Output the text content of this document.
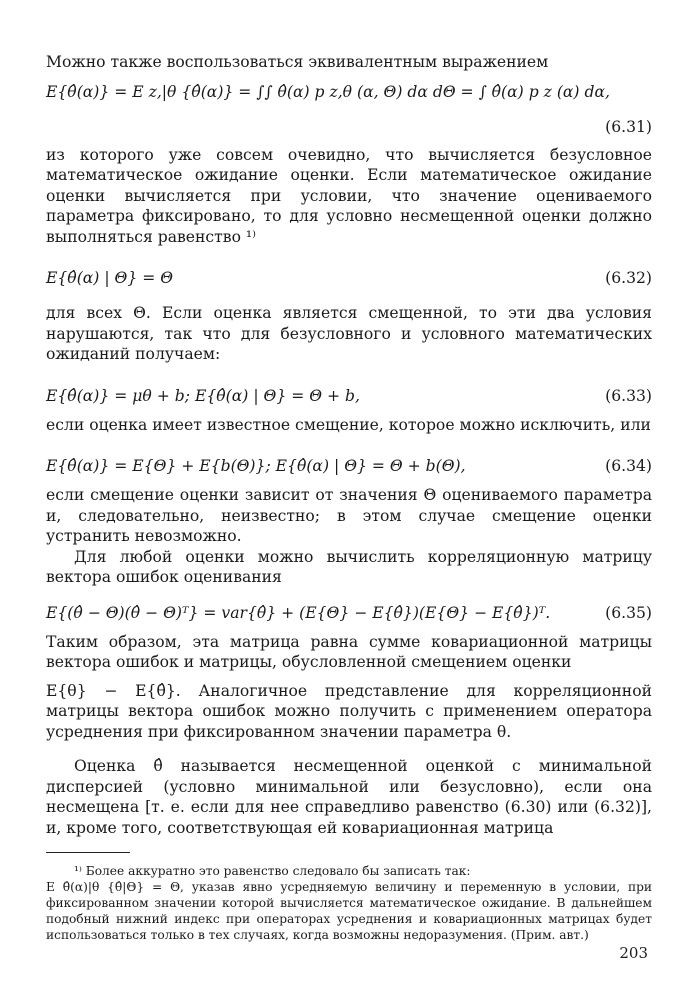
Можно также воспользоваться эквивалентным выражением

E{θ̂(α)} = E z,|θ {θ̂(α)} = ∫∫ θ̂(α) p z,θ (α, Θ) dα dΘ = ∫ θ̂(α) p z (α) dα,
(6.31)

из которого уже совсем очевидно, что вычисляется безусловное математическое ожидание оценки. Если математическое ожидание оценки вычисляется при условии, что значение оцениваемого параметра фиксировано, то для условно несмещенной оценки должно выполняться равенство ¹⁾

E{θ̂(α) | Θ} = Θ	(6.32)

для всех Θ. Если оценка является смещенной, то эти два условия нарушаются, так что для безусловного и условного математических ожиданий получаем:

E{θ̂(α)} = μθ + b; E{θ̂(α) | Θ} = Θ + b,	(6.33)

если оценка имеет известное смещение, которое можно исключить, или

E{θ̂(α)} = E{Θ} + E{b(Θ)}; E{θ̂(α) | Θ} = Θ + b(Θ),	(6.34)

если смещение оценки зависит от значения Θ оцениваемого параметра и, следовательно, неизвестно; в этом случае смещение оценки устранить невозможно.

Для любой оценки можно вычислить корреляционную матрицу вектора ошибок оценивания

E{(θ̂ − Θ)(θ̂ − Θ)ᵀ} = var{θ̂} + (E{Θ} − E{θ̂})(E{Θ} − E{θ̂})ᵀ.	(6.35)

Таким образом, эта матрица равна сумме ковариационной матрицы вектора ошибок и матрицы, обусловленной смещением оценки

E{θ} − E{θ̂}. Аналогичное представление для корреляционной матрицы вектора ошибок можно получить с применением оператора усреднения при фиксированном значении параметра θ.

Оценка θ̂ называется несмещенной оценкой с минимальной дисперсией (условно минимальной или безусловно), если она несмещена [т. е. если для нее справедливо равенство (6.30) или (6.32)], и, кроме того, соответствующая ей ковариационная матрица

¹⁾ Более аккуратно это равенство следовало бы записать так:

E θ̂(α)|θ {θ̂|Θ} = Θ, указав явно усредняемую величину и переменную в условии, при фиксированном значении которой вычисляется математическое ожидание. В дальнейшем подобный нижний индекс при операторах усреднения и ковариационных матрицах будет использоваться только в тех случаях, когда возможны недоразумения. (Прим. авт.)

203
